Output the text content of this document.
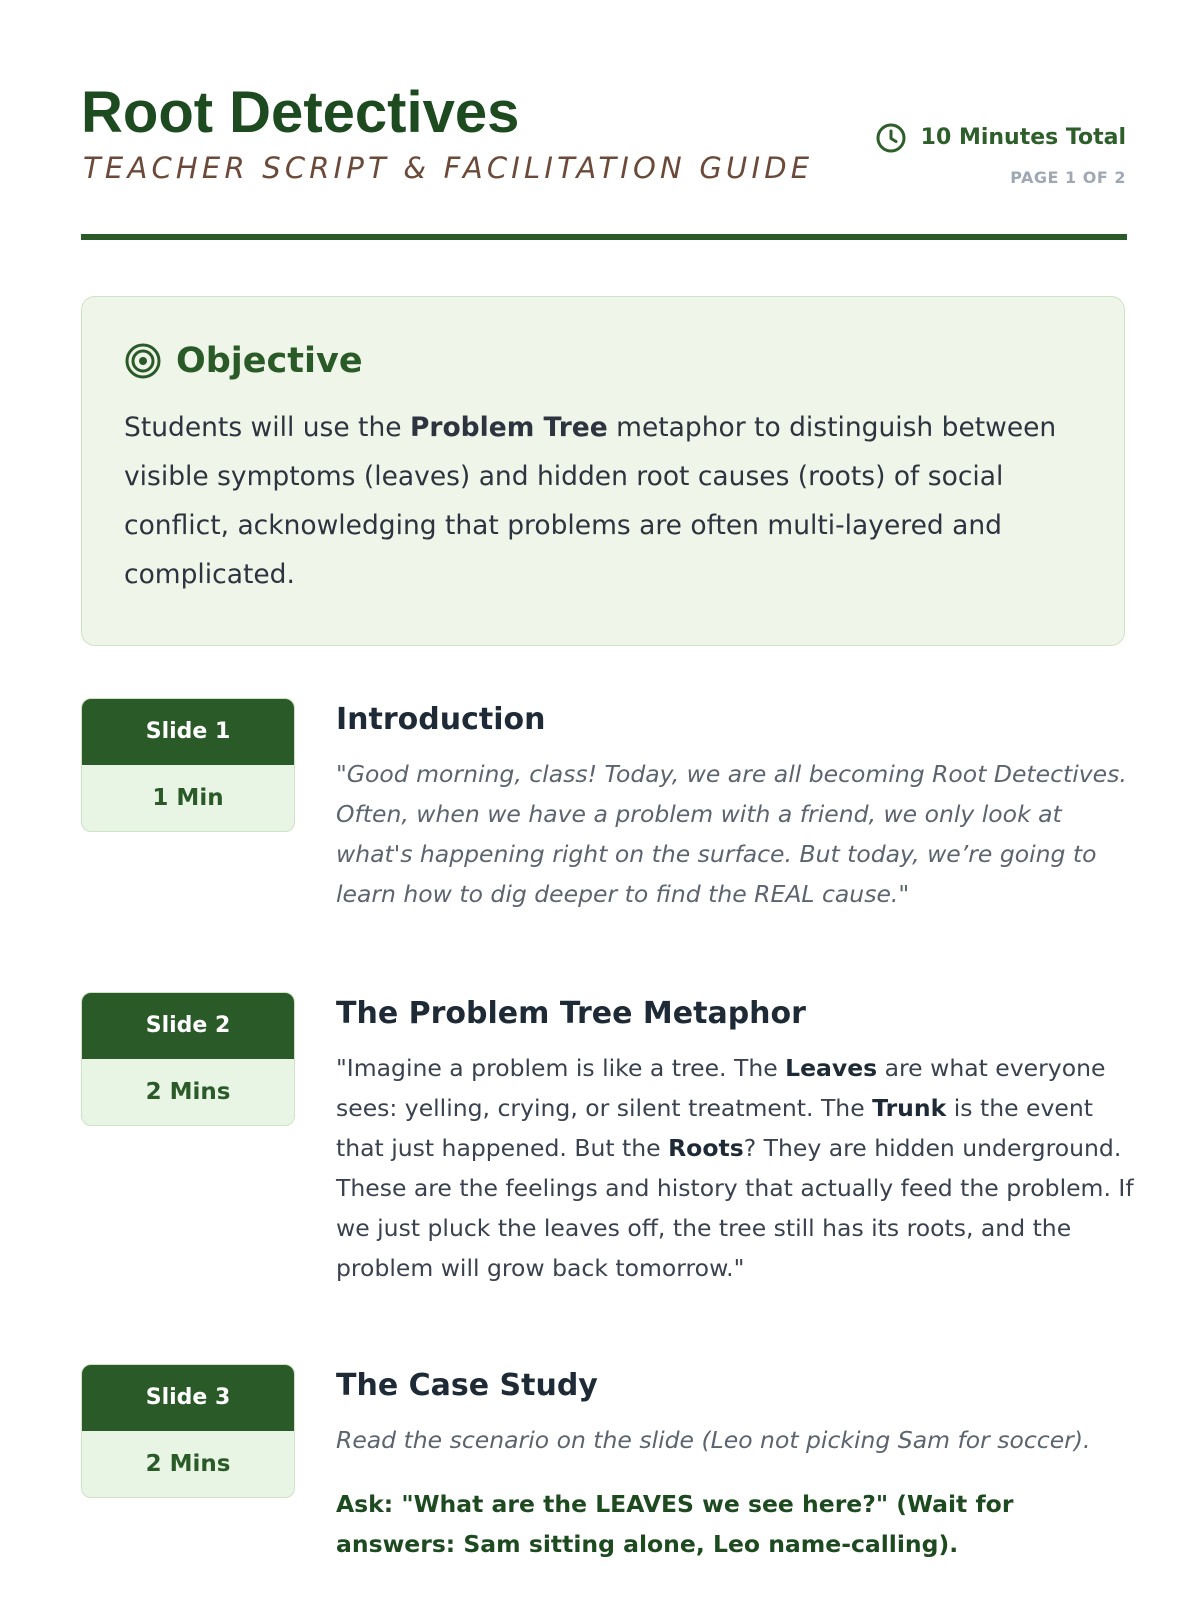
Root Detectives
TEACHER SCRIPT & FACILITATION GUIDE
10 Minutes Total
PAGE 1 OF 2
Objective

Students will use the Problem Tree metaphor to distinguish between visible symptoms (leaves) and hidden root causes (roots) of social conflict, acknowledging that problems are often multi-layered and complicated.

Slide 1
1 Min
Introduction

"Good morning, class! Today, we are all becoming Root Detectives. Often, when we have a problem with a friend, we only look at what's happening right on the surface. But today, we’re going to learn how to dig deeper to find the REAL cause."

Slide 2
2 Mins
The Problem Tree Metaphor

"Imagine a problem is like a tree. The Leaves are what everyone sees: yelling, crying, or silent treatment. The Trunk is the event that just happened. But the Roots? They are hidden underground. These are the feelings and history that actually feed the problem. If we just pluck the leaves off, the tree still has its roots, and the problem will grow back tomorrow."

Slide 3
2 Mins
The Case Study

Read the scenario on the slide (Leo not picking Sam for soccer).

Ask: "What are the LEAVES we see here?" (Wait for answers: Sam sitting alone, Leo name-calling).
